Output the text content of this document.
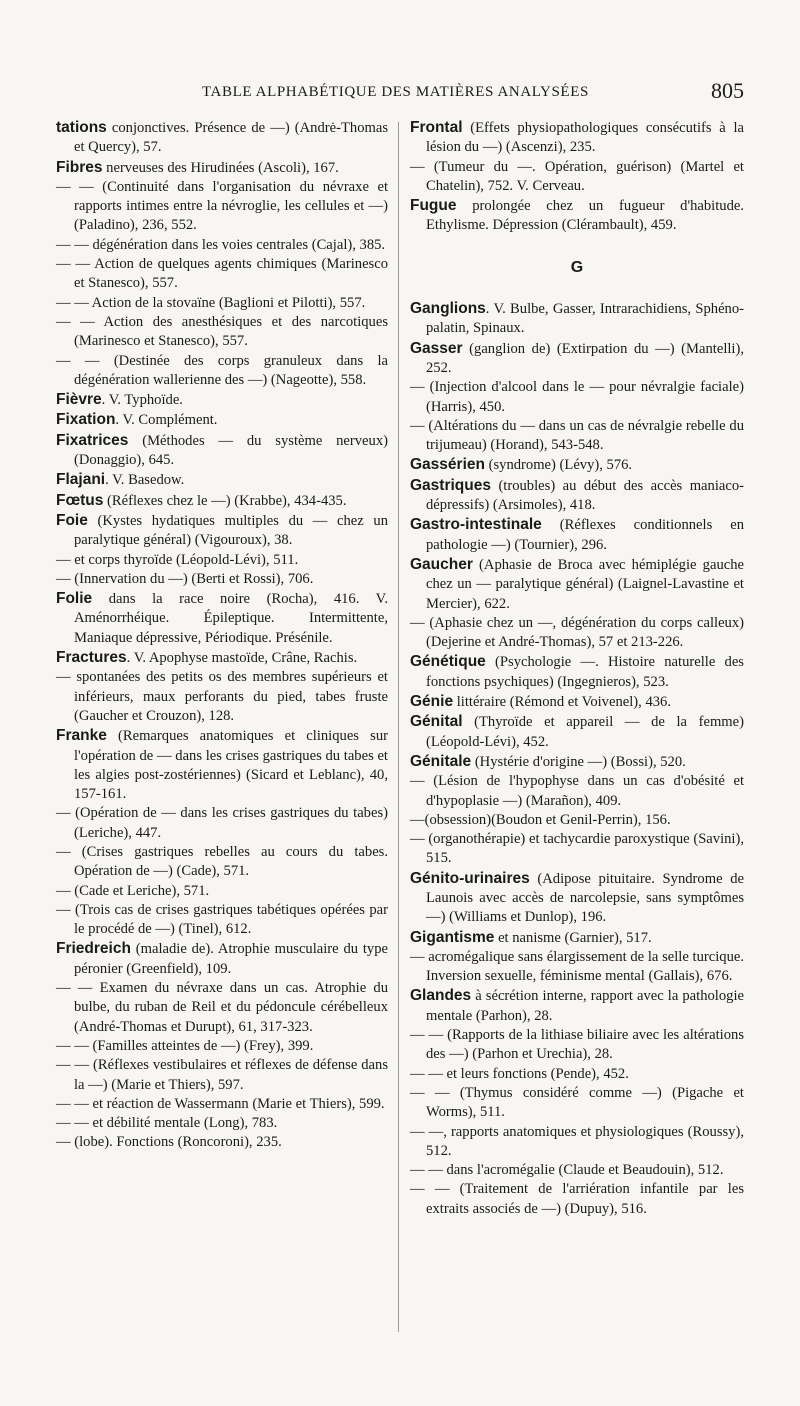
TABLE ALPHABÉTIQUE DES MATIÈRES ANALYSÉES	805

tations conjonctives. Présence de —) (Andrė-Thomas et Quercy), 57.

Fibres nerveuses des Hirudinées (Ascoli), 167.

— — (Continuité dans l'organisation du névraxe et rapports intimes entre la névroglie, les cellules et —) (Paladino), 236, 552.

— — dégénération dans les voies centrales (Cajal), 385.

— — Action de quelques agents chimiques (Marinesco et Stanesco), 557.

— — Action de la stovaïne (Baglioni et Pilotti), 557.

— — Action des anesthésiques et des narcotiques (Marinesco et Stanesco), 557.

— — (Destinée des corps granuleux dans la dégénération wallerienne des —) (Nageotte), 558.

Fièvre. V. Typhoïde.

Fixation. V. Complément.

Fixatrices (Méthodes — du système nerveux) (Donaggio), 645.

Flajani. V. Basedow.

Fœtus (Réflexes chez le —) (Krabbe), 434-435.

Foie (Kystes hydatiques multiples du — chez un paralytique général) (Vigouroux), 38.

— et corps thyroïde (Léopold-Lévi), 511.

— (Innervation du —) (Berti et Rossi), 706.

Folie dans la race noire (Rocha), 416. V. Aménorrhéique. Épileptique. Intermittente, Maniaque dépressive, Périodique. Présénile.

Fractures. V. Apophyse mastoïde, Crâne, Rachis.

— spontanées des petits os des membres supérieurs et inférieurs, maux perforants du pied, tabes fruste (Gaucher et Crouzon), 128.

Franke (Remarques anatomiques et cliniques sur l'opération de — dans les crises gastriques du tabes et les algies post-zostériennes) (Sicard et Leblanc), 40, 157-161.

— (Opération de — dans les crises gastriques du tabes) (Leriche), 447.

— (Crises gastriques rebelles au cours du tabes. Opération de —) (Cade), 571.

— (Cade et Leriche), 571.

— (Trois cas de crises gastriques tabétiques opérées par le procédé de —) (Tinel), 612.

Friedreich (maladie de). Atrophie musculaire du type péronier (Greenfield), 109.

— — Examen du névraxe dans un cas. Atrophie du bulbe, du ruban de Reil et du pédoncule cérébelleux (André-Thomas et Durupt), 61, 317-323.

— — (Familles atteintes de —) (Frey), 399.

— — (Réflexes vestibulaires et réflexes de défense dans la —) (Marie et Thiers), 597.

— — et réaction de Wassermann (Marie et Thiers), 599.

— — et débilité mentale (Long), 783.

— (lobe). Fonctions (Roncoroni), 235.

Frontal (Effets physiopathologiques consécutifs à la lésion du —) (Ascenzi), 235.

— (Tumeur du —. Opération, guérison) (Martel et Chatelin), 752. V. Cerveau.

Fugue prolongée chez un fugueur d'habitude. Ethylisme. Dépression (Clérambault), 459.

G

Ganglions. V. Bulbe, Gasser, Intrarachidiens, Sphéno-palatin, Spinaux.

Gasser (ganglion de) (Extirpation du —) (Mantelli), 252.

— (Injection d'alcool dans le — pour névralgie faciale) (Harris), 450.

— (Altérations du — dans un cas de névralgie rebelle du trijumeau) (Horand), 543-548.

Gassérien (syndrome) (Lévy), 576.

Gastriques (troubles) au début des accès maniaco-dépressifs) (Arsimoles), 418.

Gastro-intestinale (Réflexes conditionnels en pathologie —) (Tournier), 296.

Gaucher (Aphasie de Broca avec hémiplégie gauche chez un — paralytique général) (Laignel-Lavastine et Mercier), 622.

— (Aphasie chez un —, dégénération du corps calleux) (Dejerine et André-Thomas), 57 et 213-226.

Génétique (Psychologie —. Histoire naturelle des fonctions psychiques) (Ingegnieros), 523.

Génie littéraire (Rémond et Voivenel), 436.

Génital (Thyroïde et appareil — de la femme) (Léopold-Lévi), 452.

Génitale (Hystérie d'origine —) (Bossi), 520.

— (Lésion de l'hypophyse dans un cas d'obésité et d'hypoplasie —) (Marañon), 409.

—(obsession)(Boudon et Genil-Perrin), 156.

— (organothérapie) et tachycardie paroxystique (Savini), 515.

Génito-urinaires (Adipose pituitaire. Syndrome de Launois avec accès de narcolepsie, sans symptômes —) (Williams et Dunlop), 196.

Gigantisme et nanisme (Garnier), 517.

— acromégalique sans élargissement de la selle turcique. Inversion sexuelle, féminisme mental (Gallais), 676.

Glandes à sécrétion interne, rapport avec la pathologie mentale (Parhon), 28.

— — (Rapports de la lithiase biliaire avec les altérations des —) (Parhon et Urechia), 28.

— — et leurs fonctions (Pende), 452.

— — (Thymus considéré comme —) (Pigache et Worms), 511.

— —, rapports anatomiques et physiologiques (Roussy), 512.

— — dans l'acromégalie (Claude et Beaudouin), 512.

— — (Traitement de l'arriération infantile par les extraits associés de —) (Dupuy), 516.
